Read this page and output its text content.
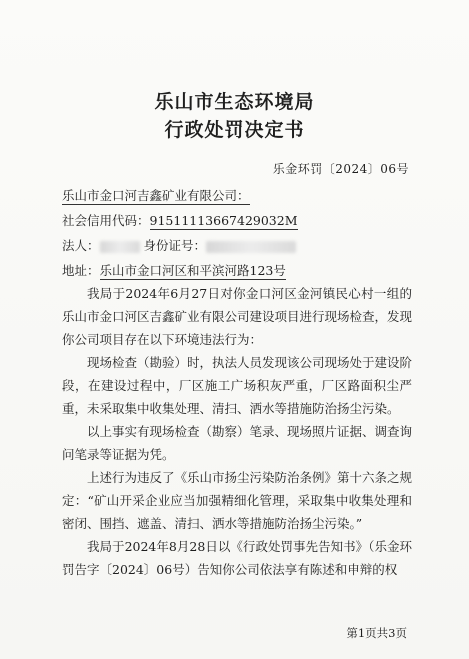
乐山市生态环境局
行政处罚决定书
乐金环罚〔2024〕06号
乐山市金口河吉鑫矿业有限公司：
社会信用代码：91511113667429032M
法人：	身份证号：
地址：乐山市金口河区和平滨河路123号

我局于2024年6月27日对你金口河区金河镇民心村一组的乐山市金口河区吉鑫矿业有限公司建设项目进行现场检查，发现你公司项目存在以下环境违法行为：

现场检查（勘验）时，执法人员发现该公司现场处于建设阶段，在建设过程中，厂区施工广场积灰严重，厂区路面积尘严重，未采取集中收集处理、清扫、洒水等措施防治扬尘污染。

以上事实有现场检查（勘察）笔录、现场照片证据、调查询问笔录等证据为凭。

上述行为违反了《乐山市扬尘污染防治条例》第十六条之规定：“矿山开采企业应当加强精细化管理，采取集中收集处理和密闭、围挡、遮盖、清扫、洒水等措施防治扬尘污染。”

我局于2024年8月28日以《行政处罚事先告知书》（乐金环罚告字〔2024〕06号）告知你公司依法享有陈述和申辩的权

第1页共3页
